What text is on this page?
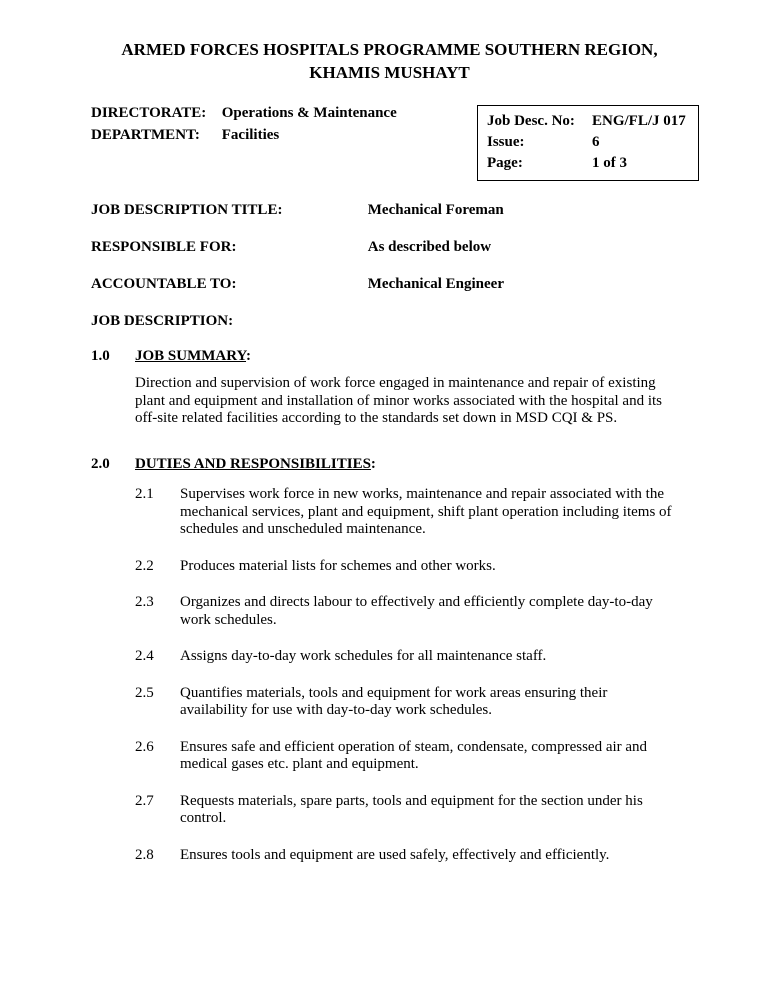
ARMED FORCES HOSPITALS PROGRAMME SOUTHERN REGION,
KHAMIS MUSHAYT
DIRECTORATE: Operations & Maintenance
DEPARTMENT: Facilities
Job Desc. No:	ENG/FL/J 017
Issue:	6
Page:	1 of 3
JOB DESCRIPTION TITLE:	Mechanical Foreman
RESPONSIBLE FOR:	As described below
ACCOUNTABLE TO:	Mechanical Engineer
JOB DESCRIPTION:
1.0	JOB SUMMARY:
Direction and supervision of work force engaged in maintenance and repair of existing plant and equipment and installation of minor works associated with the hospital and its off-site related facilities according to the standards set down in MSD CQI & PS.
2.0	DUTIES AND RESPONSIBILITIES:
2.1	Supervises work force in new works, maintenance and repair associated with the mechanical services, plant and equipment, shift plant operation including items of schedules and unscheduled maintenance.
2.2	Produces material lists for schemes and other works.
2.3	Organizes and directs labour to effectively and efficiently complete day-to-day work schedules.
2.4	Assigns day-to-day work schedules for all maintenance staff.
2.5	Quantifies materials, tools and equipment for work areas ensuring their availability for use with day-to-day work schedules.
2.6	Ensures safe and efficient operation of steam, condensate, compressed air and medical gases etc. plant and equipment.
2.7	Requests materials, spare parts, tools and equipment for the section under his control.
2.8	Ensures tools and equipment are used safely, effectively and efficiently.
